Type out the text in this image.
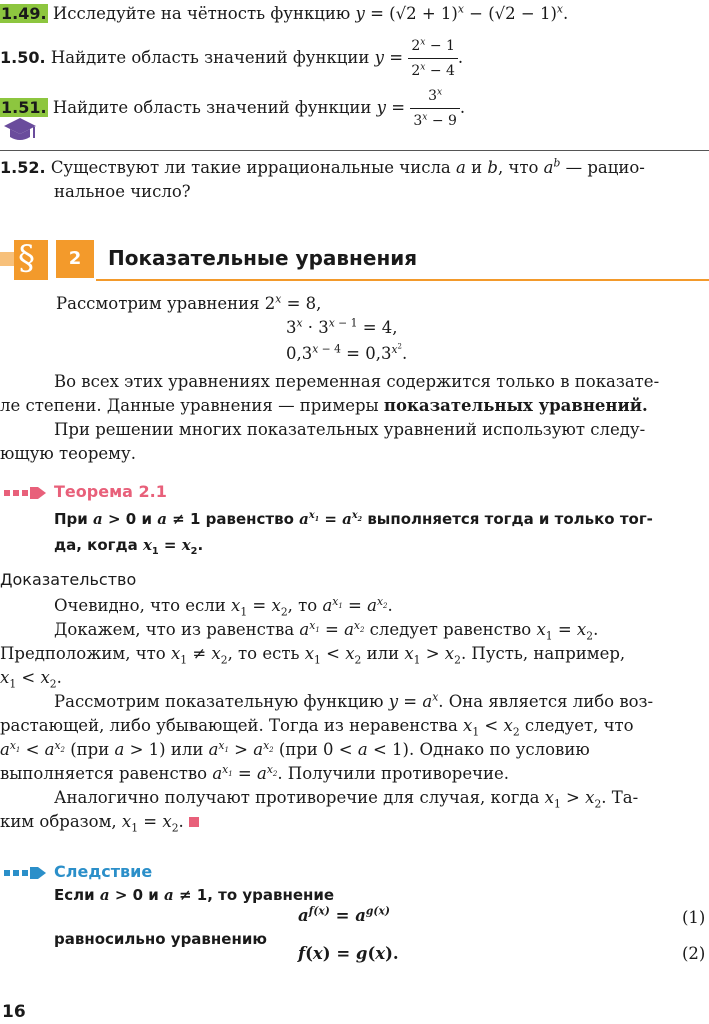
1.49. Исследуйте на чётность функцию $y = (√2 + 1)^x - (√2 - 1)^x$.
1.50. Найдите область значений функции $y = \frac{2^x - 1}{2^x - 4}$ .
1.51. Найдите область значений функции $y = \frac{3^x}{3^x - 9}$ .
1.52. Существуют ли такие иррациональные числа a и b, что $a^b$ — рацио-
нальное число?
§	2	Показательные уравнения
Рассмотрим уравнения $2^x = 8$,
$3^x \cdot 3^{x - 1} = 4$,
$0,3^{x - 4} = 0,3^{x^2}$.
Во всех этих уравнениях переменная содержится только в показате-
ле степени. Данные уравнения — примеры показательных уравнений.
При решении многих показательных уравнений используют следу-
ющую теорему.
Теорема 2.1
При a > 0 и a ≠ 1 равенство $a^{x_1} = a^{x_2}$ выполняется тогда и только тог-
да, когда $x_1 = x_2$.
Доказательство
Очевидно, что если $x_1 = x_2$, то $a^{x_1} = a^{x_2}$.
Докажем, что из равенства $a^{x_1} = a^{x_2}$ следует равенство $x_1 = x_2$.
Предположим, что $x_1 \ne x_2$, то есть $x_1 < x_2$ или $x_1 > x_2$. Пусть, например,
$x_1 < x_2$.
Рассмотрим показательную функцию $y = a^x$. Она является либо воз-
растающей, либо убывающей. Тогда из неравенства $x_1 < x_2$ следует, что
$a^{x_1} < a^{x_2}$ (при a > 1) или $a^{x_1} > a^{x_2}$ (при 0 < a < 1). Однако по условию
выполняется равенство $a^{x_1} = a^{x_2}$. Получили противоречие.
Аналогично получают противоречие для случая, когда $x_1 > x_2$. Та-
ким образом, $x_1 = x_2$.
Следствие
Если a > 0 и a ≠ 1, то уравнение
$a^{f(x)} = a^{g(x)}$	(1)
равносильно уравнению
f(x) = g(x).	(2)
16
